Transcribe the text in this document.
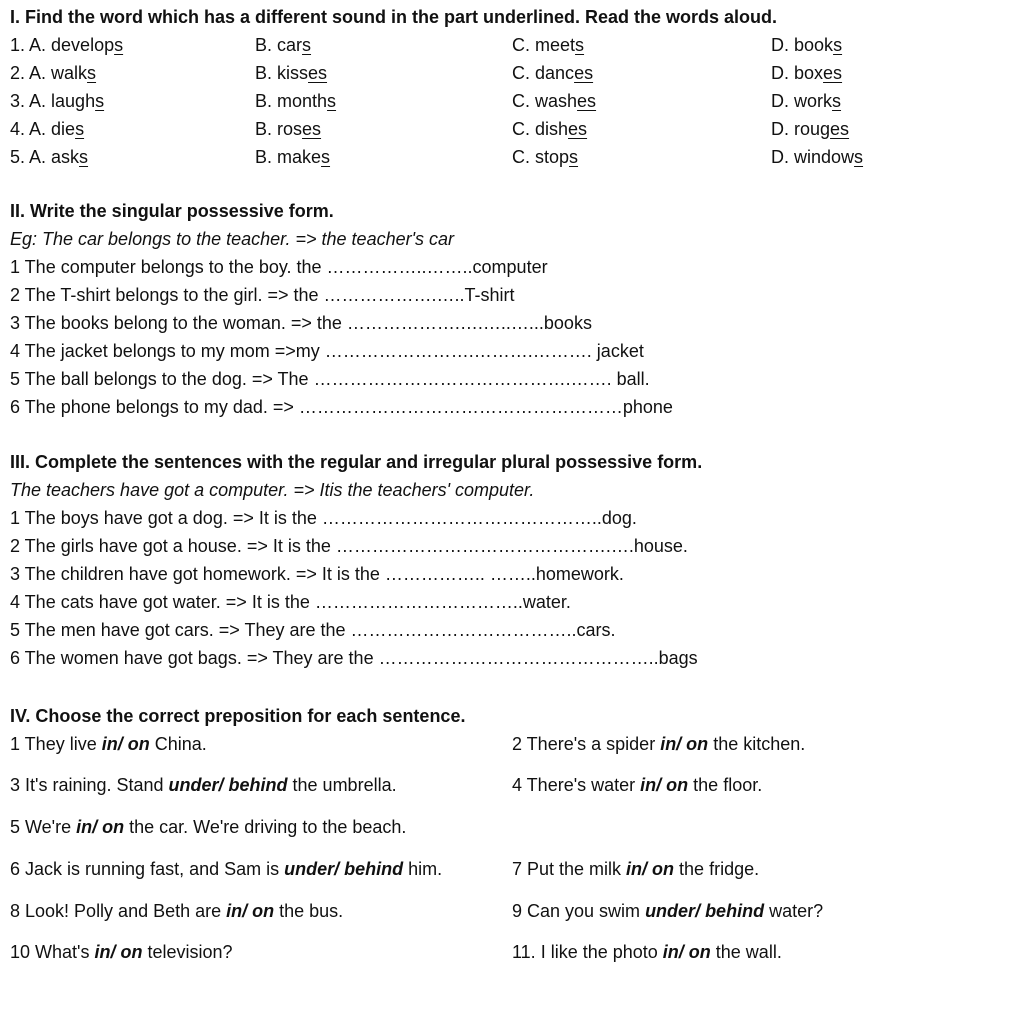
I. Find the word which has a different sound in the part underlined. Read the words aloud.
1. A. develops	B. cars	C. meets	D. books
2. A. walks	B. kisses	C. dances	D. boxes
3. A. laughs	B. months	C. washes	D. works
4. A. dies	B. roses	C. dishes	D. rouges
5. A. asks	B. makes	C. stops	D. windows
II. Write the singular possessive form.
Eg: The car belongs to the teacher. => the teacher's car
1 The computer belongs to the boy. the ……………..……..computer
2 The T-shirt belongs to the girl. => the ……………….…..T-shirt
3 The books belong to the woman. => the ……………….….…..…...books
4 The jacket belongs to my mom =>my …………………….……….………. jacket
5 The ball belongs to the dog. => The …………………………………….……. ball.
6 The phone belongs to my dad. => ………………………………………………phone
III. Complete the sentences with the regular and irregular plural possessive form.
The teachers have got a computer. => Itis the teachers' computer.
1 The boys have got a dog. => It is the ………………………………………..dog.
2 The girls have got a house. => It is the ……………………………………….….house.
3 The children have got homework. => It is the …………….. ……..homework.
4 The cats have got water. => It is the ……………………………..water.
5 The men have got cars. => They are the ………………………………..cars.
6 The women have got bags. => They are the ………………………………………..bags
IV. Choose the correct preposition for each sentence.
1 They live in/ on China.	2 There's a spider in/ on the kitchen.
3 It's raining. Stand under/ behind the umbrella.	4 There's water in/ on the floor.
5 We're in/ on the car. We're driving to the beach.
6 Jack is running fast, and Sam is under/ behind him.	7 Put the milk in/ on the fridge.
8 Look! Polly and Beth are in/ on the bus.	9 Can you swim under/ behind water?
10 What's in/ on television?	11. I like the photo in/ on the wall.
